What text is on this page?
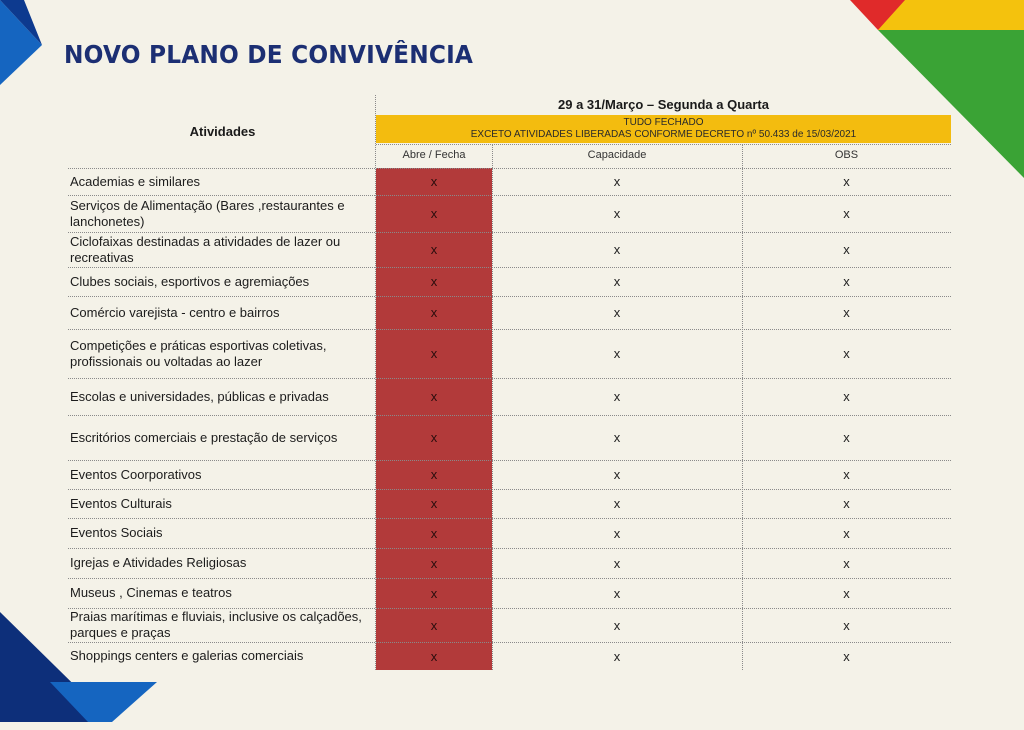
NOVO PLANO DE CONVIVÊNCIA
29 a 31/Março – Segunda a Quarta
TUDO FECHADO
EXCETO ATIVIDADES LIBERADAS CONFORME DECRETO nº 50.433 de 15/03/2021
Atividades
Abre / Fecha	Capacidade	OBS
Academias e similares	x	x	x
Serviços de Alimentação (Bares ,restaurantes e lanchonetes)	x	x	x
Ciclofaixas destinadas a atividades de lazer ou recreativas	x	x	x
Clubes sociais, esportivos e agremiações	x	x	x
Comércio varejista - centro e bairros	x	x	x
Competições e práticas esportivas coletivas, profissionais ou voltadas ao lazer	x	x	x
Escolas e universidades, públicas e privadas	x	x	x
Escritórios comerciais e prestação de serviços	x	x	x
Eventos Coorporativos	x	x	x
Eventos Culturais	x	x	x
Eventos Sociais	x	x	x
Igrejas e Atividades Religiosas	x	x	x
Museus , Cinemas e teatros	x	x	x
Praias marítimas e fluviais, inclusive os calçadões, parques e praças	x	x	x
Shoppings centers e galerias comerciais	x	x	x
